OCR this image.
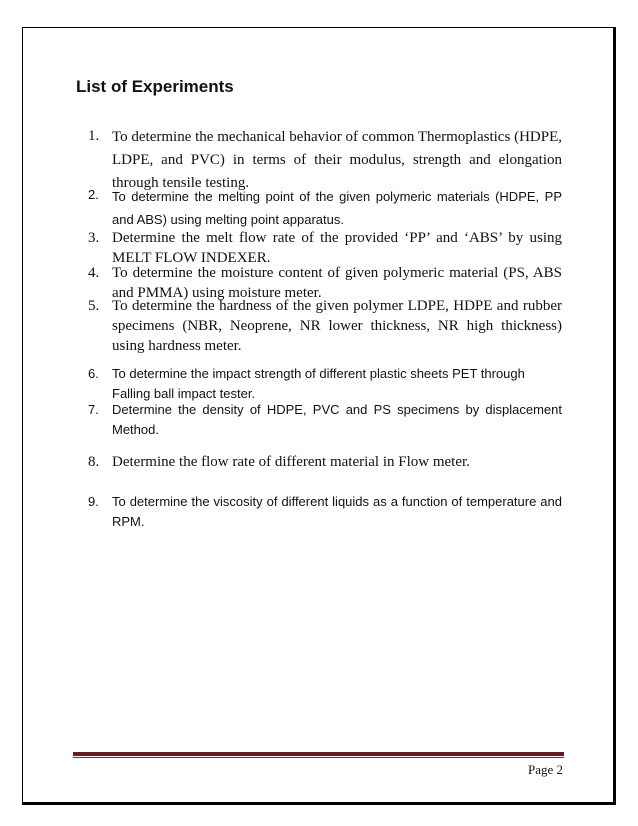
List of Experiments
1. To determine the mechanical behavior of common Thermoplastics (HDPE, LDPE, and PVC) in terms of their modulus, strength and elongation through tensile testing.
2.	To determine the melting point of the given polymeric materials (HDPE, PP and ABS) using melting point apparatus.
3. Determine the melt flow rate of the provided ‘PP’ and ‘ABS’ by using MELT FLOW INDEXER.
4. To determine the moisture content of given polymeric material (PS, ABS and PMMA) using moisture meter.
5. To determine the hardness of the given polymer LDPE, HDPE and rubber specimens (NBR, Neoprene, NR lower thickness, NR high thickness) using hardness meter.
6.	To determine the impact strength of different plastic sheets PET through Falling ball impact tester.
7.	Determine the density of HDPE, PVC and PS specimens by displacement Method.
8. Determine the flow rate of different material in Flow meter.
9.	To determine the viscosity of different liquids as a function of temperature and RPM.
Page 2
